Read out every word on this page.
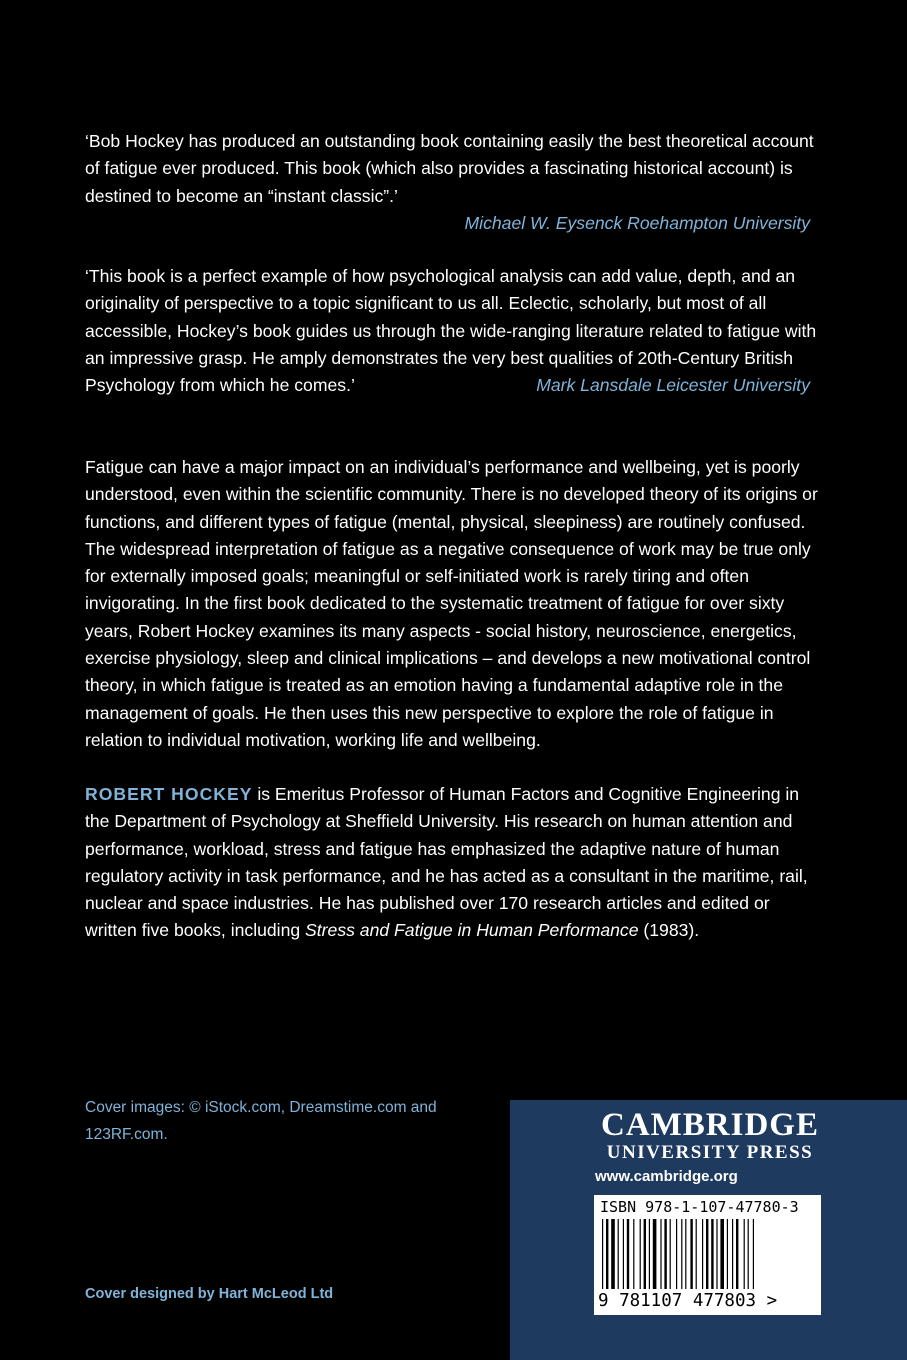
‘Bob Hockey has produced an outstanding book containing easily the best theoretical account of fatigue ever produced. This book (which also provides a fascinating historical account) is destined to become an “instant classic”.’
Michael W. Eysenck Roehampton University

‘This book is a perfect example of how psychological analysis can add value, depth, and an originality of perspective to a topic significant to us all. Eclectic, scholarly, but most of all accessible, Hockey’s book guides us through the wide-ranging literature related to fatigue with an impressive grasp. He amply demonstrates the very best qualities of 20th-Century British Psychology from which he comes.’	Mark Lansdale Leicester University

Fatigue can have a major impact on an individual’s performance and wellbeing, yet is poorly understood, even within the scientific community. There is no developed theory of its origins or functions, and different types of fatigue (mental, physical, sleepiness) are routinely confused. The widespread interpretation of fatigue as a negative consequence of work may be true only for externally imposed goals; meaningful or self-initiated work is rarely tiring and often invigorating. In the first book dedicated to the systematic treatment of fatigue for over sixty years, Robert Hockey examines its many aspects - social history, neuroscience, energetics, exercise physiology, sleep and clinical implications – and develops a new motivational control theory, in which fatigue is treated as an emotion having a fundamental adaptive role in the management of goals. He then uses this new perspective to explore the role of fatigue in relation to individual motivation, working life and wellbeing.

ROBERT HOCKEY is Emeritus Professor of Human Factors and Cognitive Engineering in the Department of Psychology at Sheffield University. His research on human attention and performance, workload, stress and fatigue has emphasized the adaptive nature of human regulatory activity in task performance, and he has acted as a consultant in the maritime, rail, nuclear and space industries. He has published over 170 research articles and edited or written five books, including Stress and Fatigue in Human Performance (1983).

Cover images: © iStock.com, Dreamstime.com and 123RF.com.
Cover designed by Hart McLeod Ltd
CAMBRIDGE
UNIVERSITY PRESS
www.cambridge.org
ISBN 978-1-107-47780-3
9 781107 477803 >
